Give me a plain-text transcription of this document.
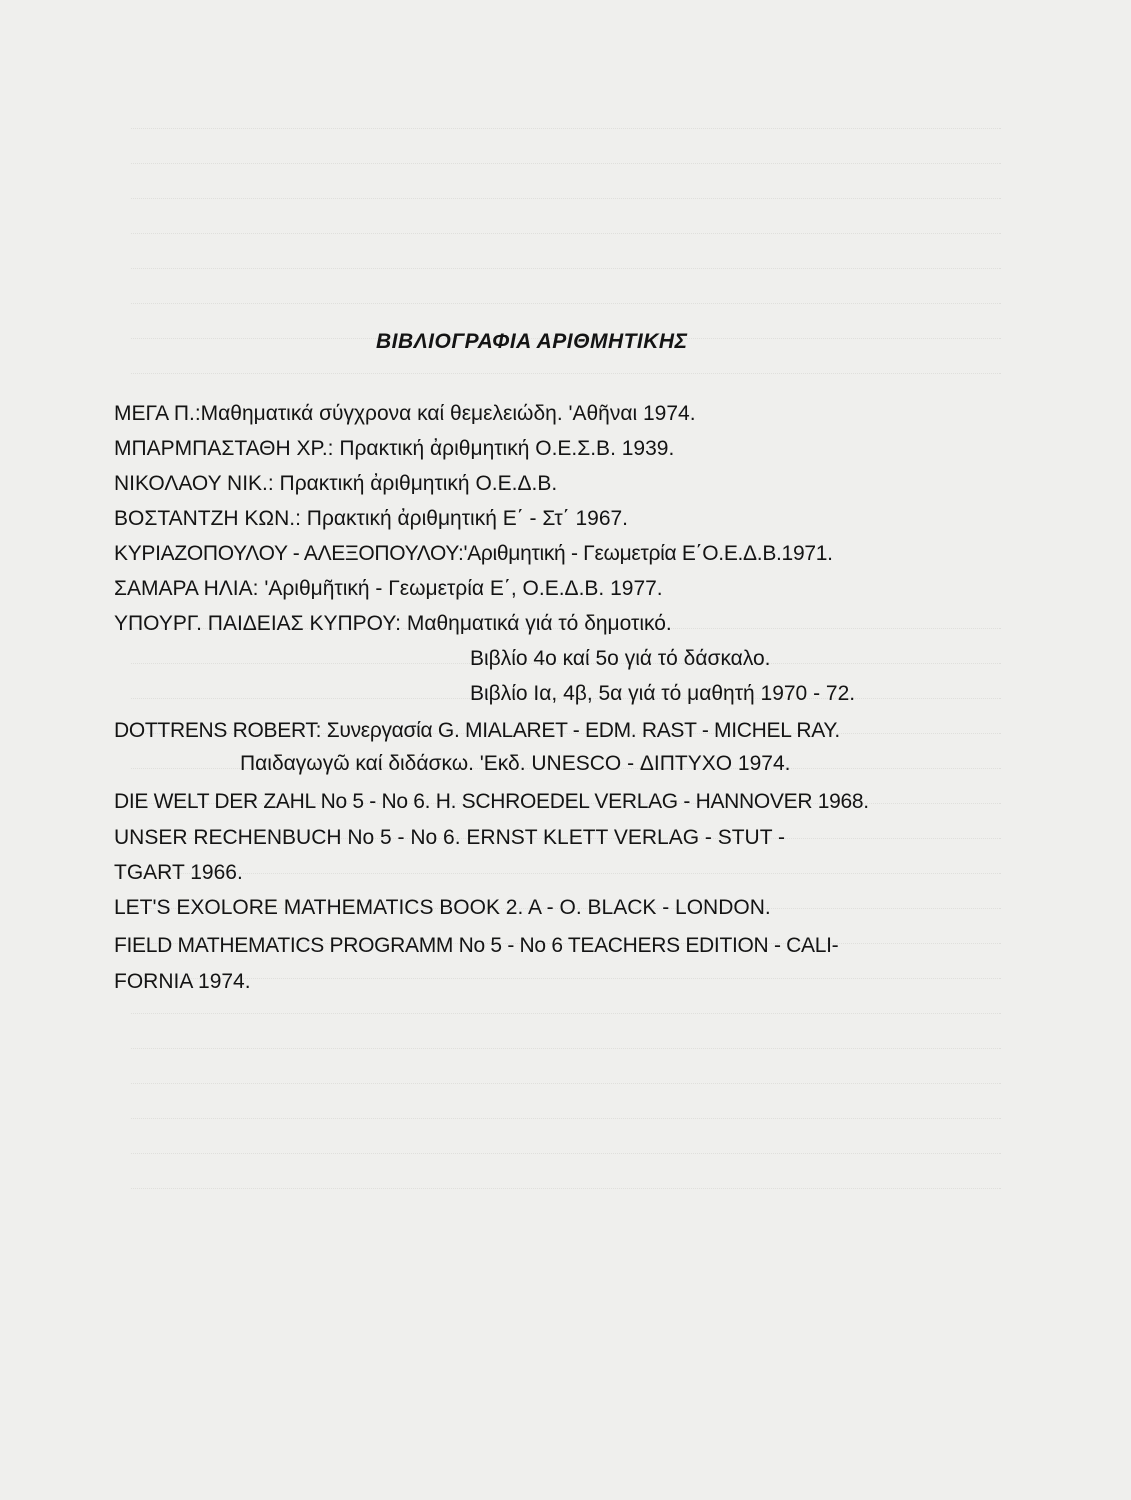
ΒΙΒΛΙΟΓΡΑΦΙΑ ΑΡΙΘΜΗΤΙΚΗΣ
ΜΕΓΑ Π.:Μαθηματικά σύγχρονα καί θεμελειώδη. 'Αθῆναι 1974.
ΜΠΑΡΜΠΑΣΤΑΘΗ ΧΡ.: Πρακτική ἀριθμητική Ο.Ε.Σ.Β. 1939.
ΝΙΚΟΛΑΟΥ ΝΙΚ.: Πρακτική ἀριθμητική Ο.Ε.Δ.Β.
ΒΟΣΤΑΝΤΖΗ ΚΩΝ.: Πρακτική ἀριθμητική Ε΄ - Στ΄ 1967.
ΚΥΡΙΑΖΟΠΟΥΛΟΥ - ΑΛΕΞΟΠΟΥΛΟΥ:'Αριθμητική - Γεωμετρία Ε΄Ο.Ε.Δ.Β.1971.
ΣΑΜΑΡΑ ΗΛΙΑ: 'Αριθμῆτική - Γεωμετρία Ε΄, Ο.Ε.Δ.Β. 1977.
ΥΠΟΥΡΓ. ΠΑΙΔΕΙΑΣ ΚΥΠΡΟΥ: Μαθηματικά γιά τό δημοτικό.
Βιβλίο 4ο καί 5ο γιά τό δάσκαλο.
Βιβλίο Ια, 4β, 5α γιά τό μαθητή 1970 - 72.
DOTTRENS ROBERT: Συνεργασία G. MIALARET - EDM. RAST - MICHEL RAY.
Παιδαγωγῶ καί διδάσκω. 'Εκδ. UNESCO - ΔΙΠΤΥΧΟ 1974.
DIE WELT DER ZAHL No 5 - No 6. H. SCHROEDEL VERLAG - HANNOVER 1968.
UNSER RECHENBUCH No 5 - No 6. ERNST KLETT VERLAG - STUT -
TGART 1966.
LET'S EXOLORE MATHEMATICS BOOK 2. A - O. BLACK - LONDON.
FIELD MATHEMATICS PROGRAMM No 5 - No 6 TEACHERS EDITION - CALI-
FORNIA 1974.
